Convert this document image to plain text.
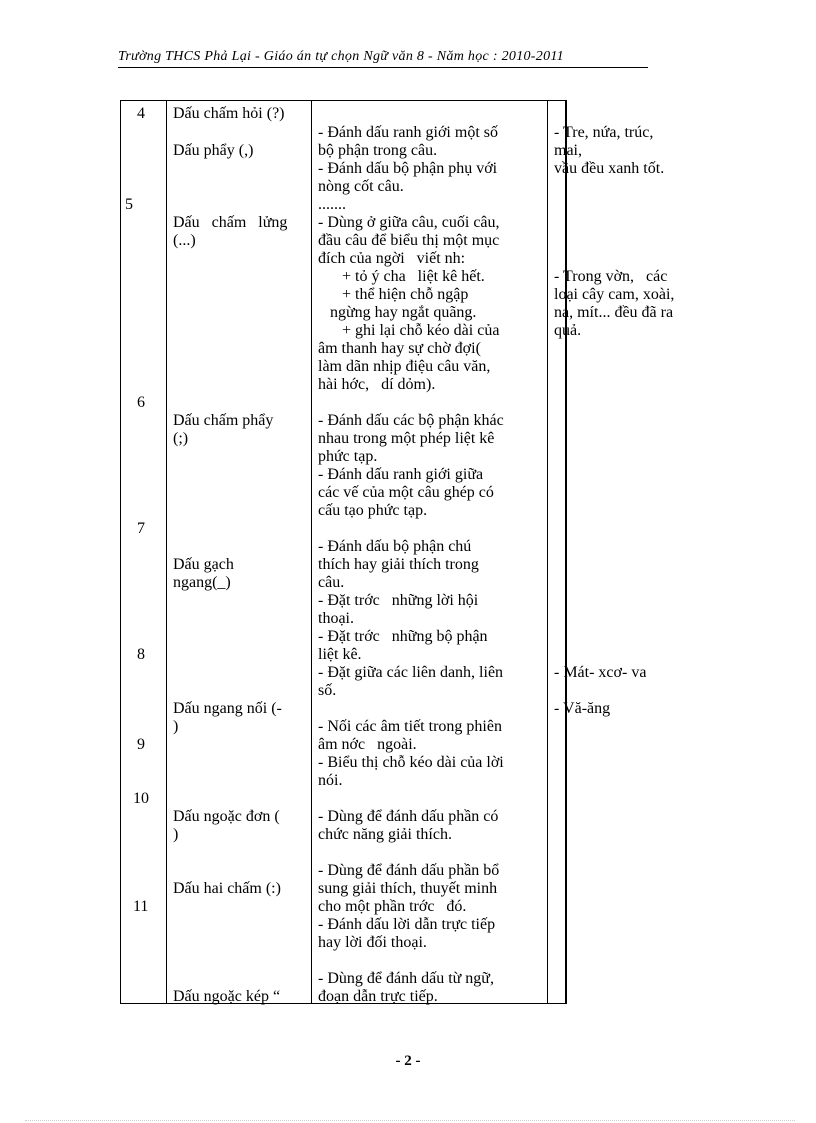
Trường THCS Phả Lại - Giáo án tự chọn Ngữ văn 8 - Năm học : 2010-2011
4
5
6
7
8
9
10
11
Dấu chấm hỏi (?)
Dấu phẩy (,)
Dấu   chấm   lửng
(...)
Dấu chấm phẩy
(;)
Dấu gạch
ngang(_)
Dấu ngang nối (-
)
Dấu ngoặc đơn (
)
Dấu hai chấm (:)
Dấu ngoặc kép “
- Đánh dấu ranh giới một số
bộ phận trong câu.
- Đánh dấu bộ phận phụ với
nòng cốt câu.
.......
- Dùng ở giữa câu, cuối câu,
đầu câu để biểu thị một mục
đích của ngời   viết nh:
+ tỏ ý cha   liệt kê hết.
+ thể hiện chỗ ngập
ngừng hay ngắt quãng.
+ ghi lại chỗ kéo dài của
âm thanh hay sự chờ đợi(
làm dãn nhịp điệu câu văn,
hài hớc,   dí dỏm).
- Đánh dấu các bộ phận khác
nhau trong một phép liệt kê
phức tạp.
- Đánh dấu ranh giới giữa
các vế của một câu ghép có
cấu tạo phức tạp.
- Đánh dấu bộ phận chú
thích hay giải thích trong
câu.
- Đặt trớc   những lời hội
thoại.
- Đặt trớc   những bộ phận
liệt kê.
- Đặt giữa các liên danh, liên
số.
- Nối các âm tiết trong phiên
âm nớc   ngoài.
- Biểu thị chỗ kéo dài của lời
nói.
- Dùng để đánh dấu phần có
chức năng giải thích.
- Dùng để đánh dấu phần bổ
sung giải thích, thuyết minh
cho một phần trớc   đó.
- Đánh dấu lời dẫn trực tiếp
hay lời đối thoại.
- Dùng để đánh dấu từ ngữ,
đoạn dẫn trực tiếp.
- Tre, nứa, trúc,
mai,
vầu đều xanh tốt.
- Trong vờn,   các
loại cây cam, xoài,
na, mít... đều đã ra
quả.
- Mát- xcơ- va
- Vă-ăng
- 2 -
